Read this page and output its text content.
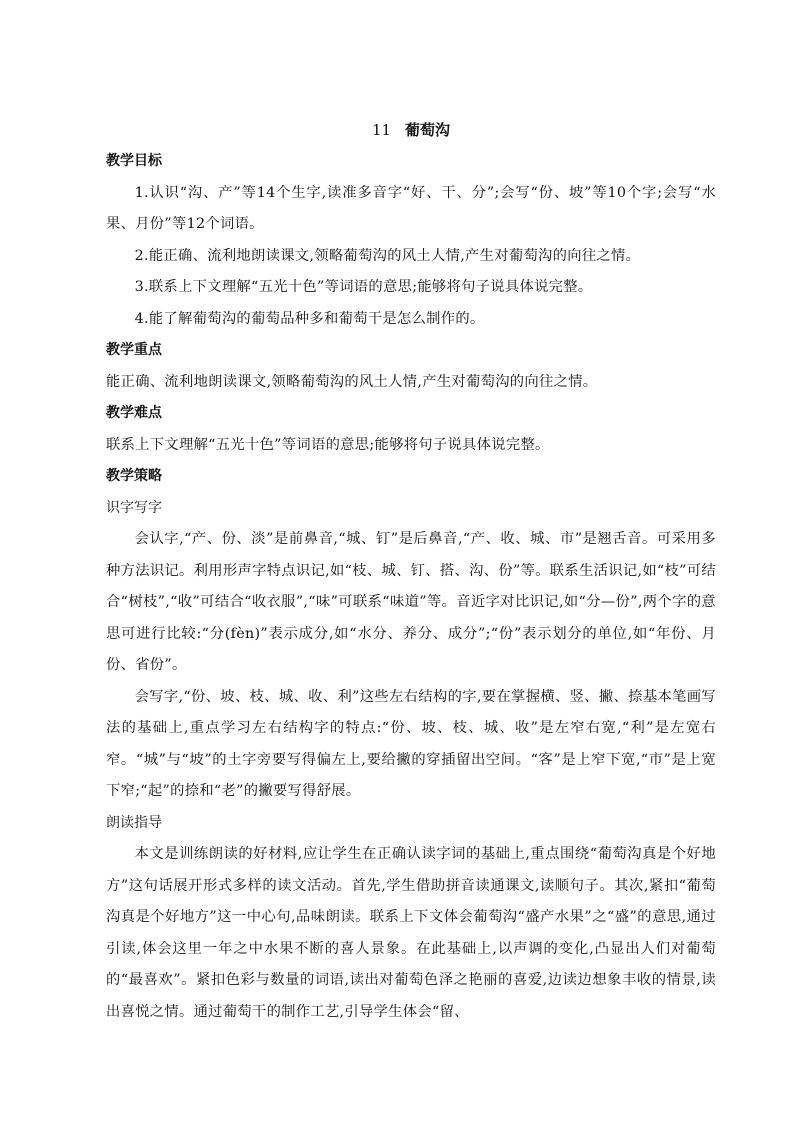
11 葡萄沟
教学目标

1.认识“沟、产”等14个生字,读准多音字“好、干、分”;会写“份、坡”等10个字;会写“水果、月份”等12个词语。

2.能正确、流利地朗读课文,领略葡萄沟的风土人情,产生对葡萄沟的向往之情。

3.联系上下文理解“五光十色”等词语的意思;能够将句子说具体说完整。

4.能了解葡萄沟的葡萄品种多和葡萄干是怎么制作的。

教学重点

能正确、流利地朗读课文,领略葡萄沟的风土人情,产生对葡萄沟的向往之情。

教学难点

联系上下文理解“五光十色”等词语的意思;能够将句子说具体说完整。

教学策略
识字写字

会认字,“产、份、淡”是前鼻音,“城、钉”是后鼻音,“产、收、城、市”是翘舌音。可采用多种方法识记。利用形声字特点识记,如“枝、城、钉、搭、沟、份”等。联系生活识记,如“枝”可结合“树枝”,“收”可结合“收衣服”,“味”可联系“味道”等。音近字对比识记,如“分—份”,两个字的意思可进行比较:“分(fèn)”表示成分,如“水分、养分、成分”;“份”表示划分的单位,如“年份、月份、省份”。

会写字,“份、坡、枝、城、收、利”这些左右结构的字,要在掌握横、竖、撇、捺基本笔画写法的基础上,重点学习左右结构字的特点:“份、坡、枝、城、收”是左窄右宽,“利”是左宽右窄。“城”与“坡”的土字旁要写得偏左上,要给撇的穿插留出空间。“客”是上窄下宽,“市”是上宽下窄;“起”的捺和“老”的撇要写得舒展。

朗读指导

本文是训练朗读的好材料,应让学生在正确认读字词的基础上,重点围绕“葡萄沟真是个好地方”这句话展开形式多样的读文活动。首先,学生借助拼音读通课文,读顺句子。其次,紧扣“葡萄沟真是个好地方”这一中心句,品味朗读。联系上下文体会葡萄沟“盛产水果”之“盛”的意思,通过引读,体会这里一年之中水果不断的喜人景象。在此基础上,以声调的变化,凸显出人们对葡萄的“最喜欢”。紧扣色彩与数量的词语,读出对葡萄色泽之艳丽的喜爱,边读边想象丰收的情景,读出喜悦之情。通过葡萄干的制作工艺,引导学生体会“留、
